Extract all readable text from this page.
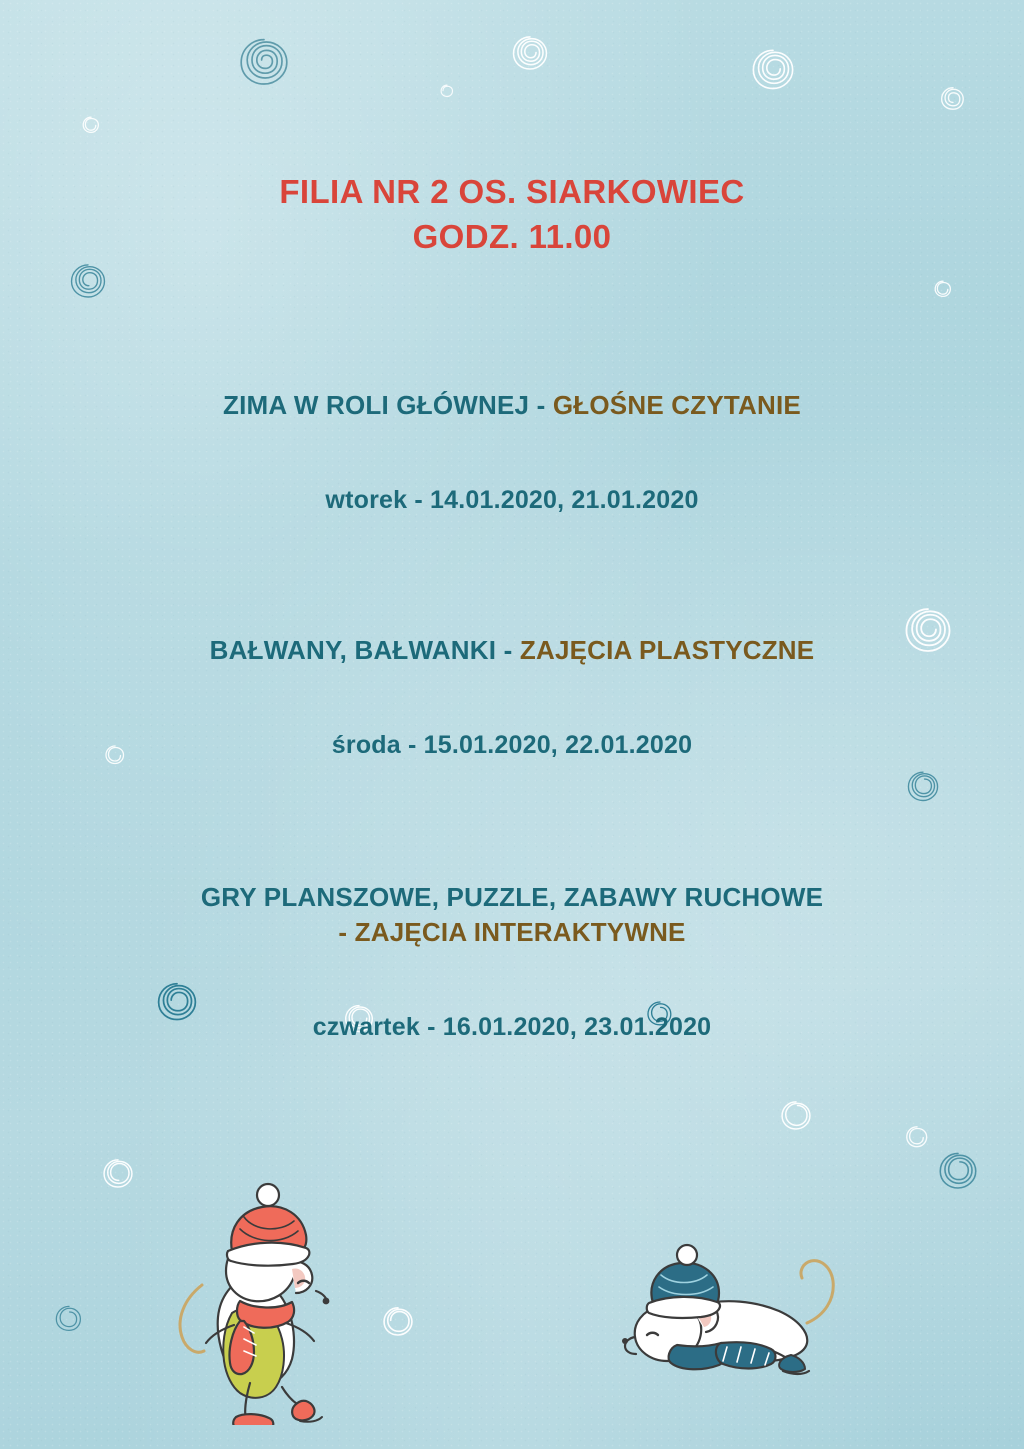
FILIA NR 2 OS. SIARKOWIEC
GODZ. 11.00
ZIMA W ROLI GŁÓWNEJ - GŁOŚNE CZYTANIE
wtorek - 14.01.2020, 21.01.2020
BAŁWANY, BAŁWANKI - ZAJĘCIA PLASTYCZNE
środa - 15.01.2020, 22.01.2020
GRY PLANSZOWE, PUZZLE, ZABAWY RUCHOWE
- ZAJĘCIA INTERAKTYWNE
czwartek - 16.01.2020, 23.01.2020
